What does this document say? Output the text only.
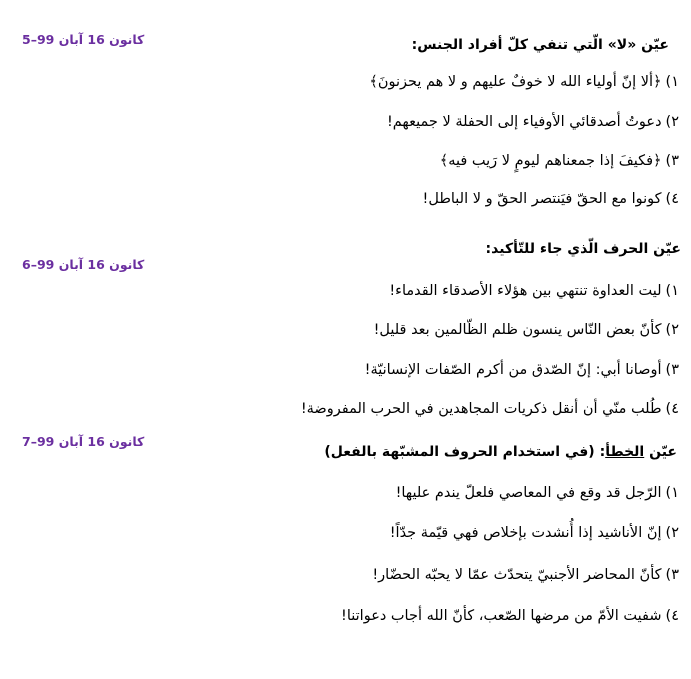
5–کانون 16 آبان 99
6–کانون 16 آبان 99
7–کانون 16 آبان 99
عيّن «لا» الّتي تنفي كلّ أفراد الجنس:
١)﴿ألا إنّ أولياء الله لا خوفٌ عليهم و لا هم يحزنونَ﴾
٢)دعوتُ أصدقائي الأوفياء إلى الحفلة لا جميعهم!
٣)﴿فكيفَ إذا جمعناهم ليومٍ لا رَيب فيه﴾
٤)كونوا مع الحقّ فيَنتصر الحقّ و لا الباطل!
عيّن الحرف الّذي جاء للتّأكيد:
١)ليت العداوة تنتهي بين هؤلاء الأصدقاء القدماء!
٢)كأنّ بعض النّاس ينسون ظلم الظّالمين بعد قليل!
٣)أوصانا أبي: إنّ الصّدق من أكرم الصّفات الإنسانيّة!
٤)طُلب منّي أن أنقل ذكريات المجاهدين في الحرب المفروضة!
عيّن الخطأ: (في استخدام الحروف المشبّهة بالفعل)
١)الرّجل قد وقع في المعاصي فلعلّ يندم عليها!
٢)إنّ الأناشيد إذا أُنشدت بإخلاص فهي قيّمة جدّاً!
٣)كأنّ المحاضر الأجنبيّ يتحدّث عمّا لا يحبّه الحضّار!
٤)شفيت الأمّ من مرضها الصّعب، كأنّ الله أجاب دعواتنا!
